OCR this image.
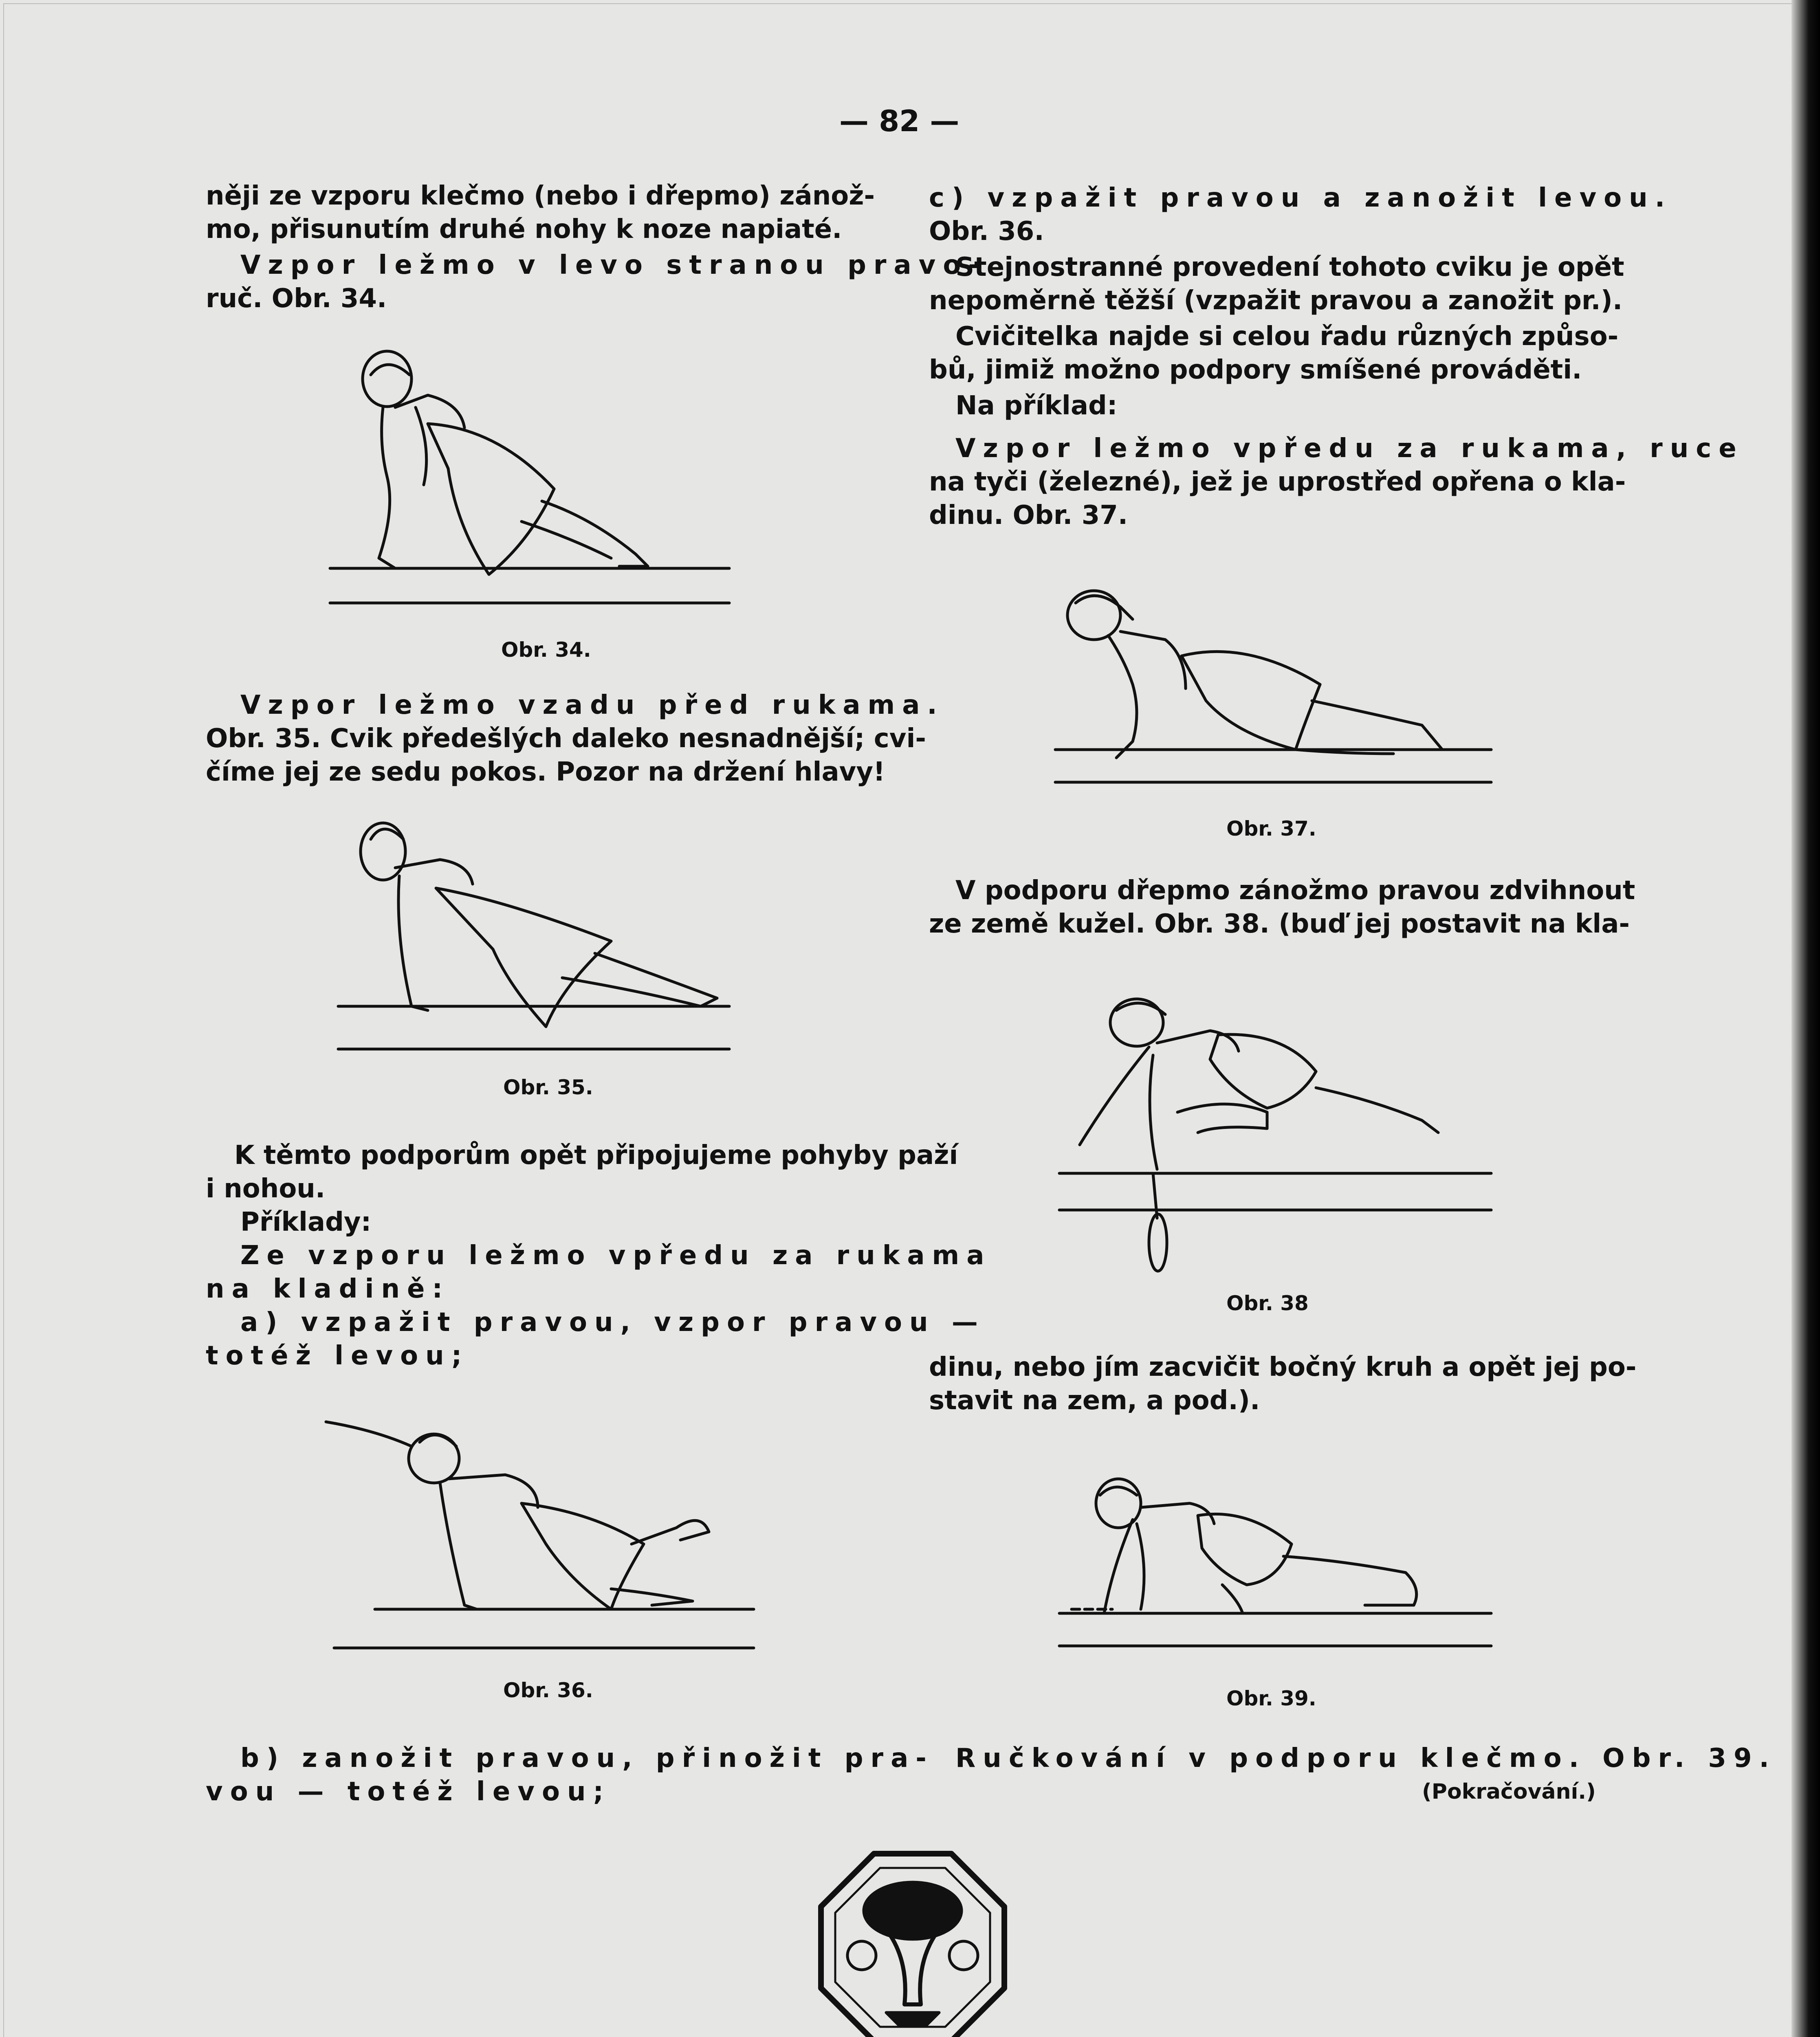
— 82 —
něji ze vzporu klečmo (nebo i dřepmo) zánož-
mo, přisunutím druhé nohy k noze napiaté.
Vzpor ležmo v levo stranou pravo-
ruč. Obr. 34.
Obr. 34.
Vzpor ležmo vzadu před rukama.
Obr. 35. Cvik předešlých daleko nesnadnější; cvi-
číme jej ze sedu pokos. Pozor na držení hlavy!
Obr. 35.
K těmto podporům opět připojujeme pohyby paží
i nohou.
Příklady:
Ze vzporu ležmo vpředu za rukama
na kladině:
a) vzpažit pravou, vzpor pravou —
totéž levou;
Obr. 36.
b) zanožit pravou, přinožit pra-
vou — totéž levou;
c) vzpažit pravou a zanožit levou.
Obr. 36.
Stejnostranné provedení tohoto cviku je opět
nepoměrně těžší (vzpažit pravou a zanožit pr.).
Cvičitelka najde si celou řadu různých způso-
bů, jimiž možno podpory smíšené prováděti.
Na příklad:
Vzpor ležmo vpředu za rukama, ruce
na tyči (železné), jež je uprostřed opřena o kla-
dinu. Obr. 37.
Obr. 37.
V podporu dřepmo zánožmo pravou zdvihnout
ze země kužel. Obr. 38. (buď jej postavit na kla-
Obr. 38
dinu, nebo jím zacvičit bočný kruh a opět jej po-
stavit na zem, a pod.).
Obr. 39.
Ručkování v podporu klečmo. Obr. 39.
(Pokračování.)
